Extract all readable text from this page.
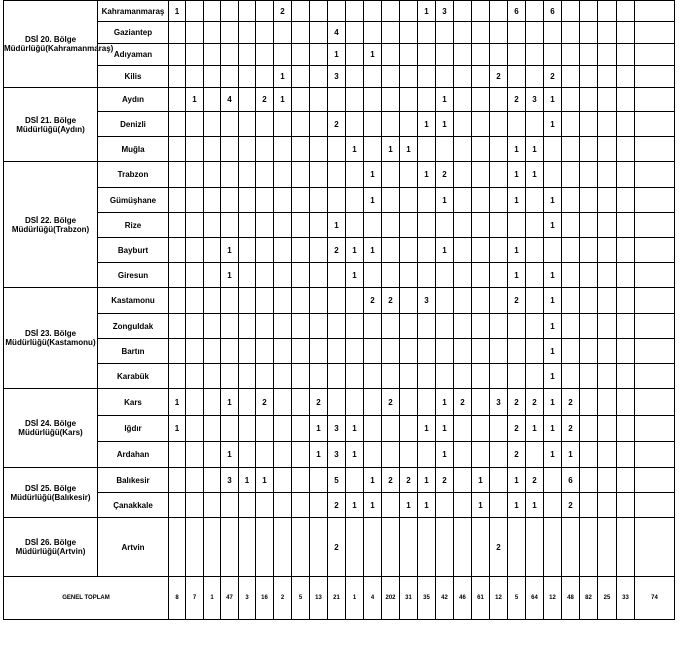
DSİ 20. Bölge Müdürlüğü(Kahramanmaraş)	Kahramanmaraş	1						2								1	3				6		6							
	Gaziantep										4																		
	Adıyaman										1		1																
	Kilis							1			3									2			2						
DSİ 21. Bölge Müdürlüğü(Aydın)	Aydın		1		4		2	1									1				2	3	1							
	Denizli										2					1	1						1						
	Muğla											1		1	1						1	1							
DSİ 22. Bölge Müdürlüğü(Trabzon)	Trabzon												1			1	2				1	1								
	Gümüşhane												1				1				1		1						
	Rize										1												1						
	Bayburt				1						2	1	1				1				1								
	Giresun				1							1									1		1						
DSİ 23. Bölge Müdürlüğü(Kastamonu)	Kastamonu												2	2		3					2		1							
	Zonguldak																						1						
	Bartın																						1						
	Karabük																						1						
DSİ 24. Bölge Müdürlüğü(Kars)	Kars	1			1		2			2				2			1	2		3	2	2	1	2						
	Iğdır	1								1	3	1				1	1				2	1	1	2					
	Ardahan				1					1	3	1					1				2		1	1					
DSİ 25. Bölge Müdürlüğü(Balıkesir)	Balıkesir				3	1	1				5		1	2	2	1	2		1		1	2		6						
	Çanakkale										2	1	1		1	1			1		1	1		2					
DSİ 26. Bölge Müdürlüğü(Artvin)	Artvin										2									2										
GENEL TOPLAM		8	7	1	47	3	16	2	5	13	21	1	4	202	31	35	42	46	61	12	5	64	12	48	82	25	33	74		
